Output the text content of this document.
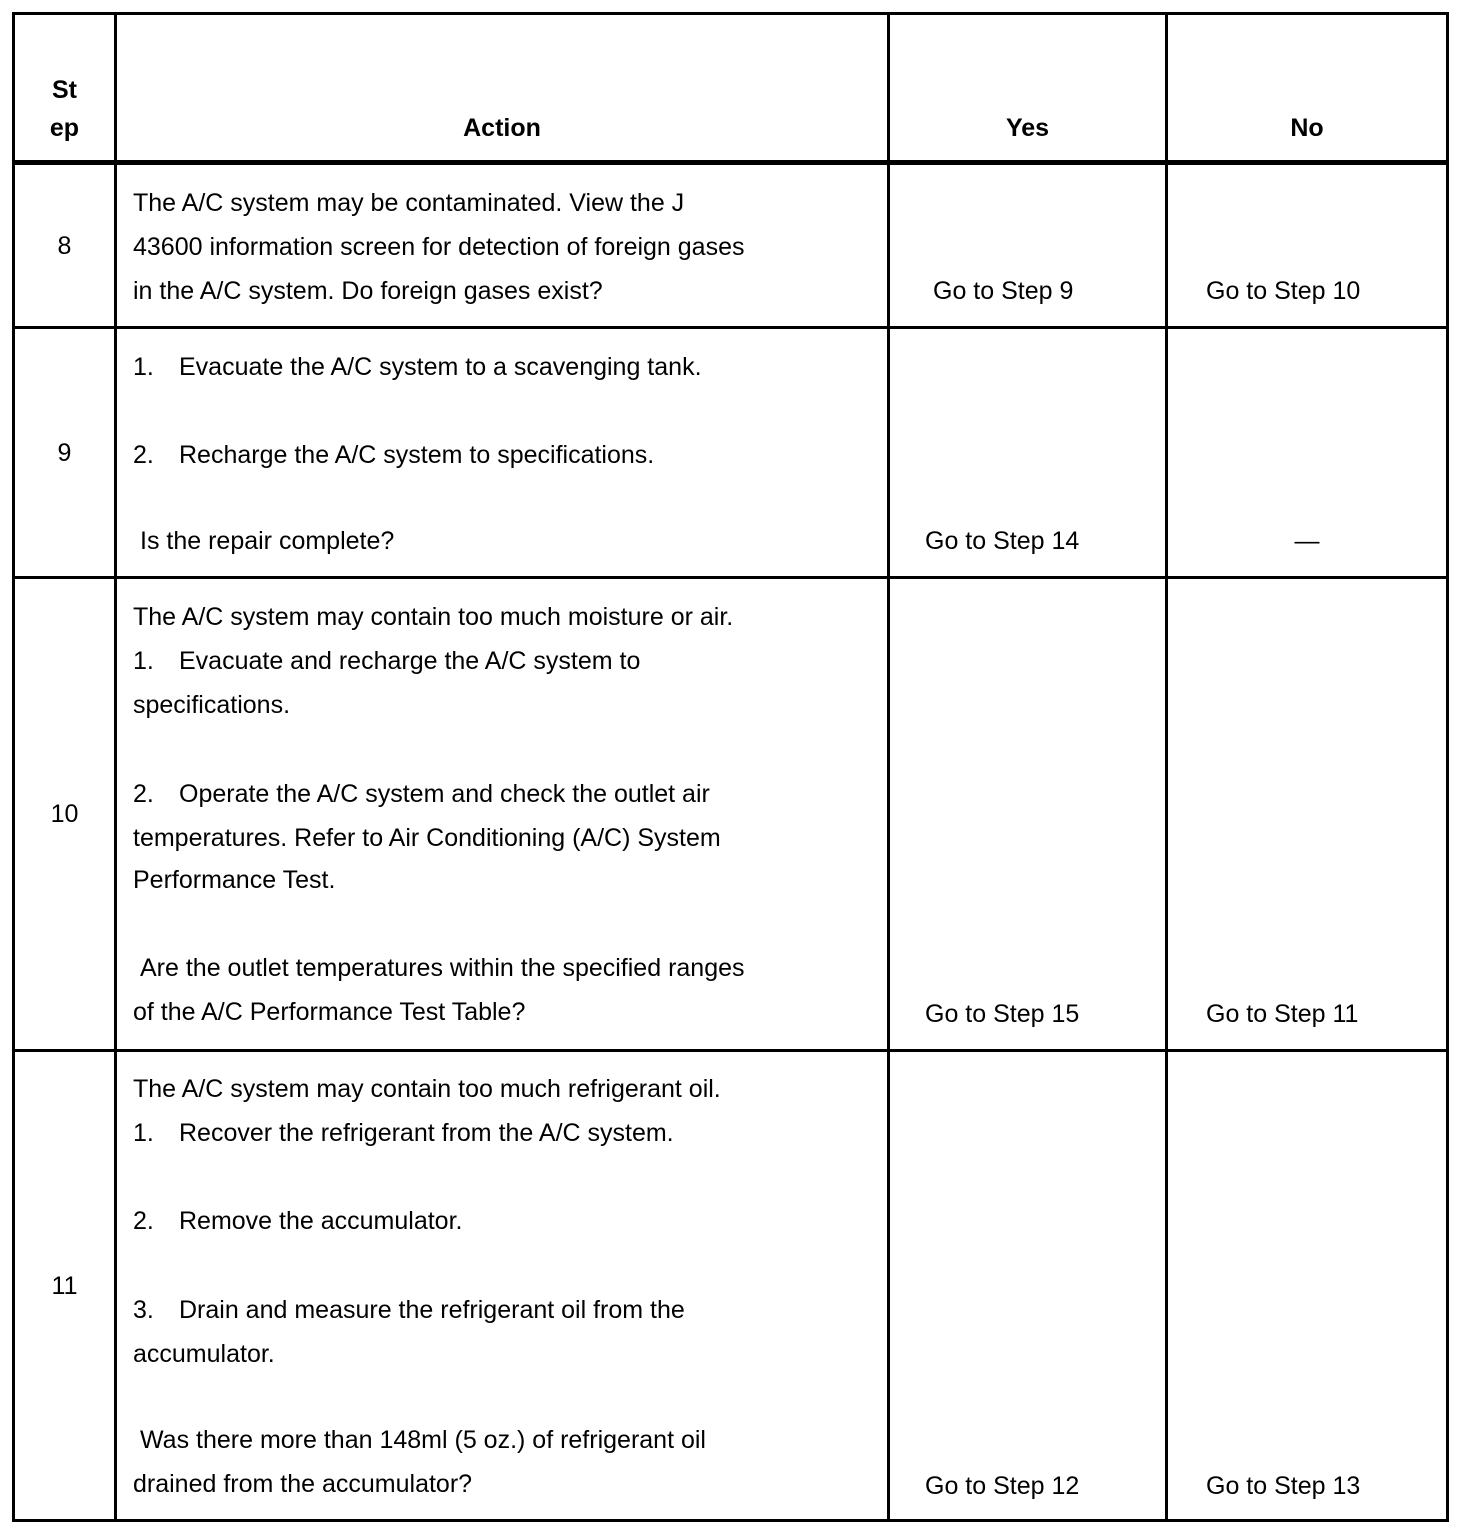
St
ep	Action	Yes	No
8

The A/C system may be contaminated. View the J

43600 information screen for detection of foreign gases

in the A/C system. Do foreign gases exist?	Go to Step 9	Go to Step 10
9

1. Evacuate the A/C system to a scavenging tank.

2. Recharge the A/C system to specifications.

Is the repair complete?	Go to Step 14	—
10

The A/C system may contain too much moisture or air.

1. Evacuate and recharge the A/C system to

specifications.

2. Operate the A/C system and check the outlet air

temperatures. Refer to Air Conditioning (A/C) System

Performance Test.

Are the outlet temperatures within the specified ranges

of the A/C Performance Test Table?	Go to Step 15	Go to Step 11
11

The A/C system may contain too much refrigerant oil.

1. Recover the refrigerant from the A/C system.

2. Remove the accumulator.

3. Drain and measure the refrigerant oil from the

accumulator.

Was there more than 148ml (5 oz.) of refrigerant oil

drained from the accumulator?	Go to Step 12	Go to Step 13
